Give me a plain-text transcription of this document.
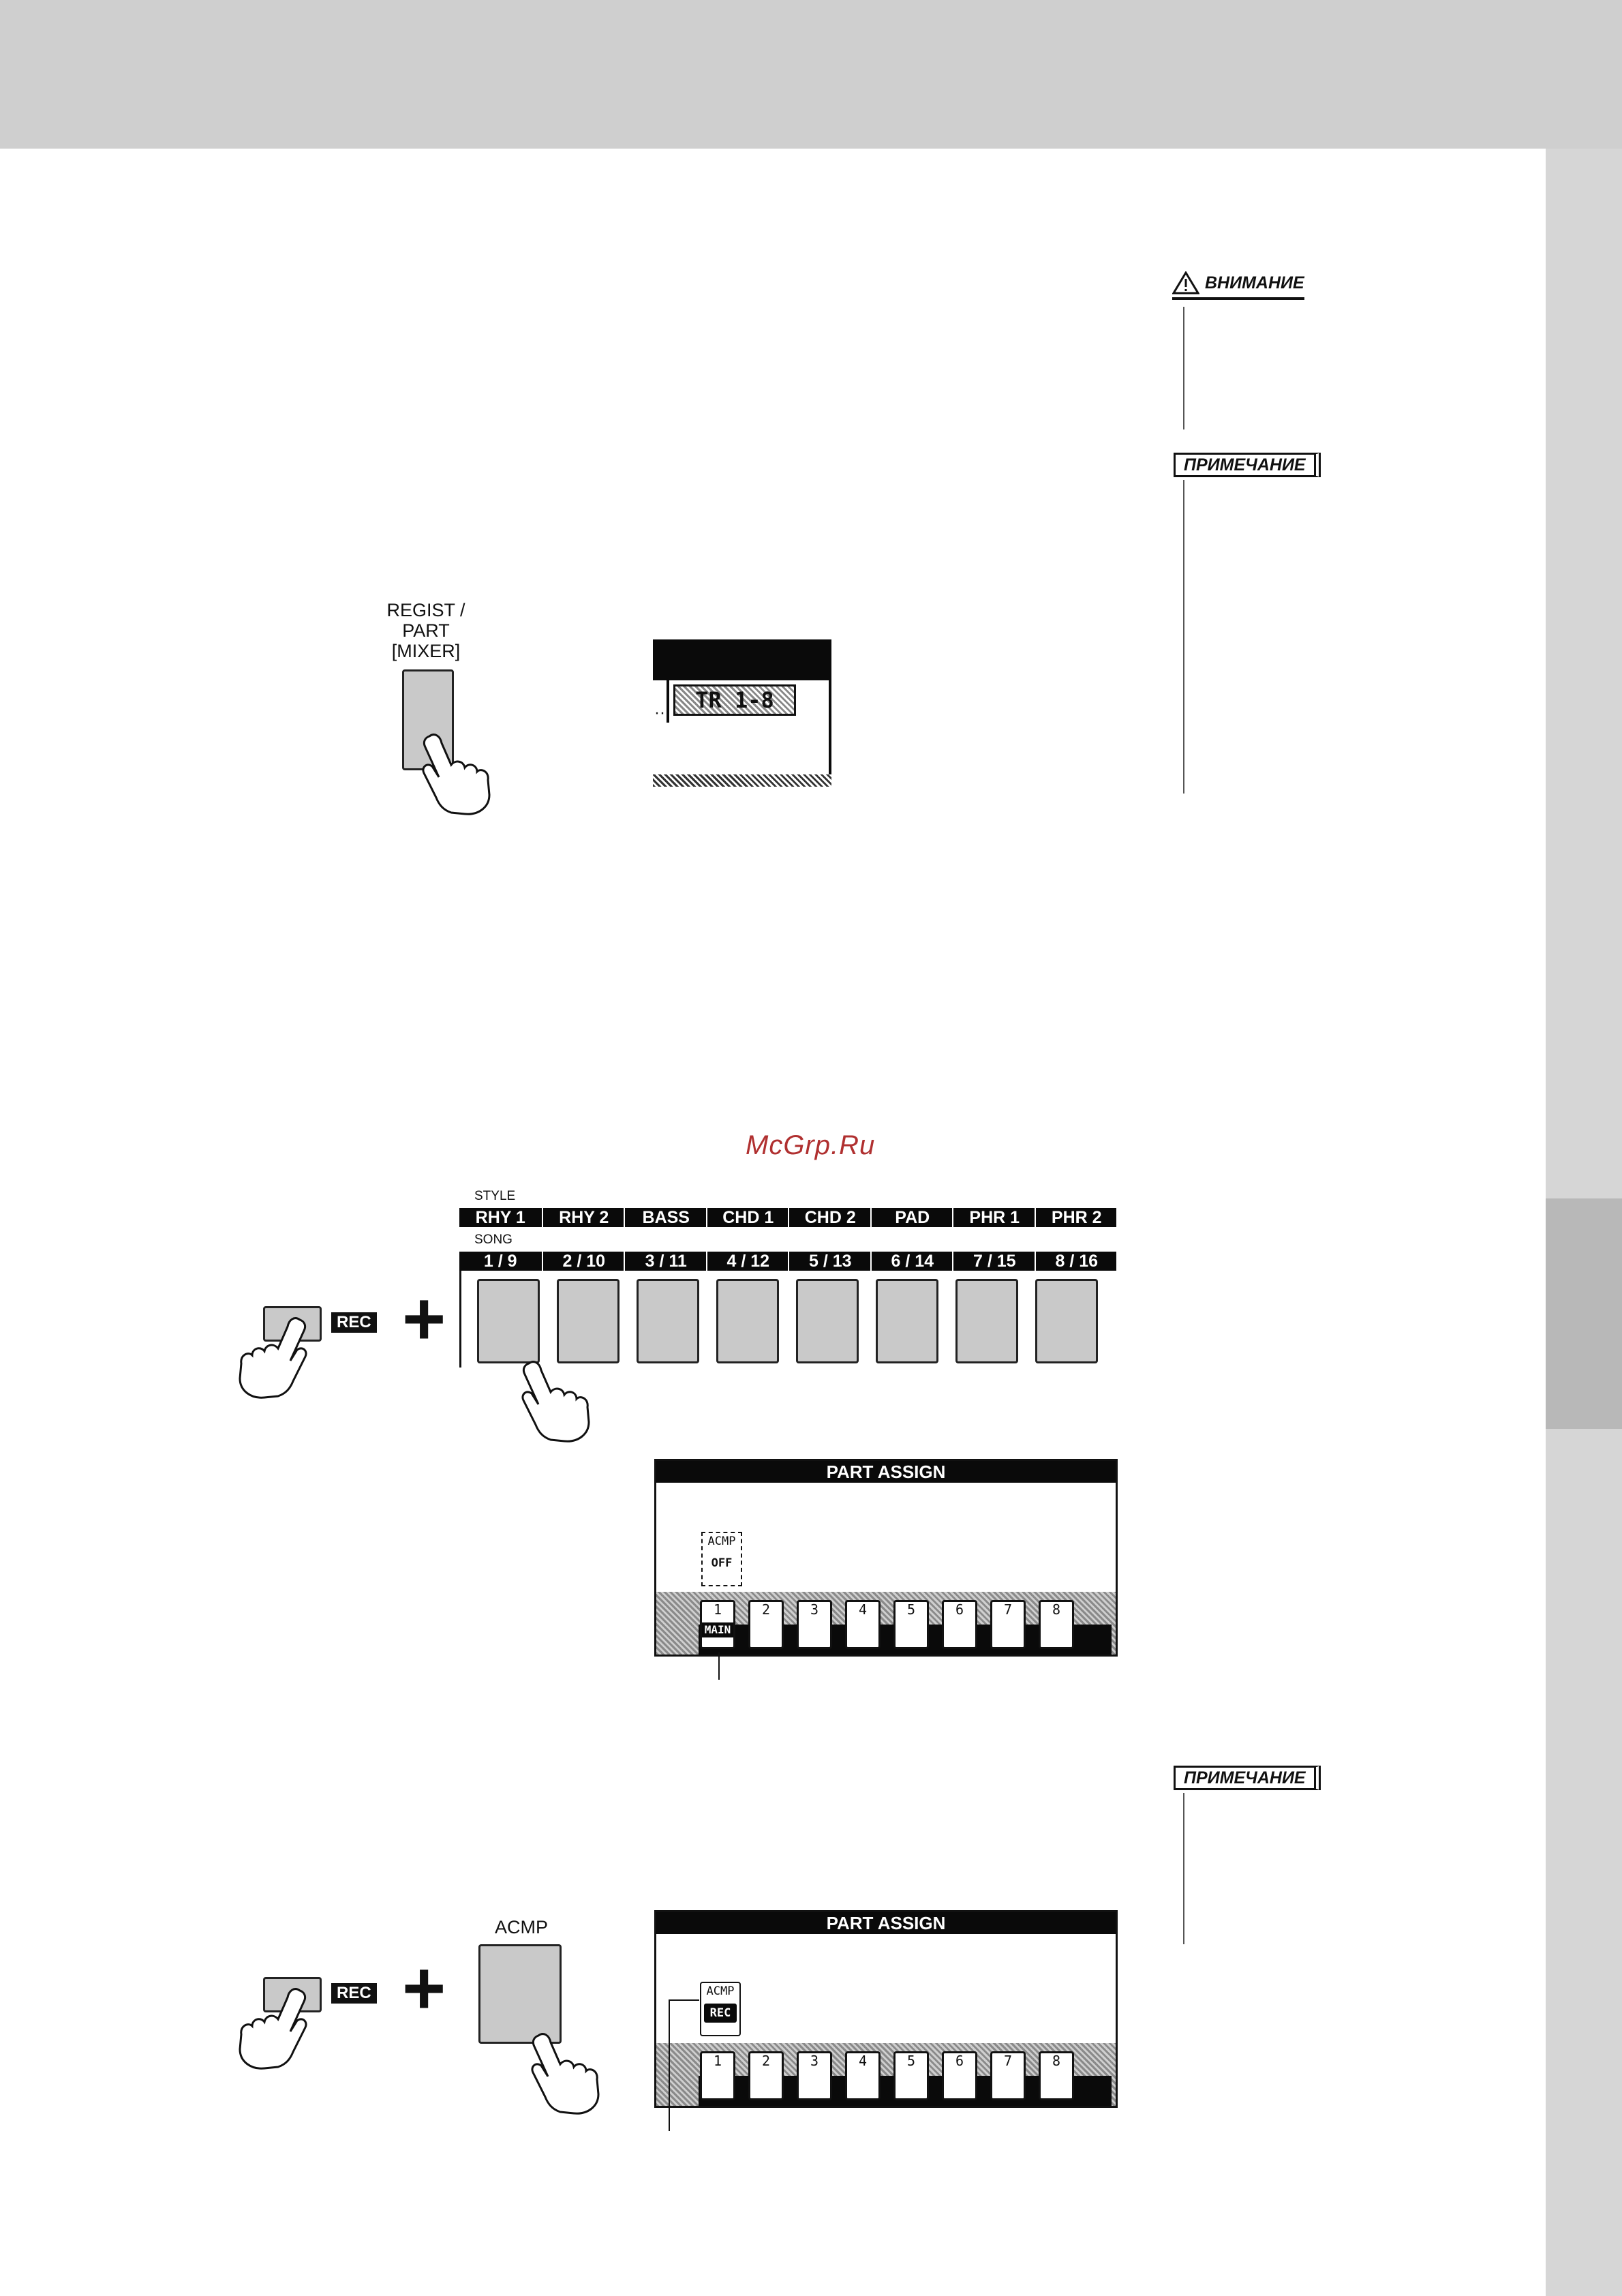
ВНИМАНИЕ
ПРИМЕЧАНИЕ
ПРИМЕЧАНИЕ
REGIST /
PART
[MIXER]
TR 1-8
··
McGrp.Ru
STYLE
RHY 1	RHY 2	BASS	CHD 1	CHD 2	PAD	PHR 1	PHR 2
SONG
1 / 9	2 / 10	3 / 11	4 / 12	5 / 13	6 / 14	7 / 15	8 / 16
REC +
PART ASSIGN
ACMP
OFF
1
MAIN
2	3	4	5	6	7	8
REC +
ACMP	PART ASSIGN
ACMP
REC
1	2	3	4	5	6	7	8
